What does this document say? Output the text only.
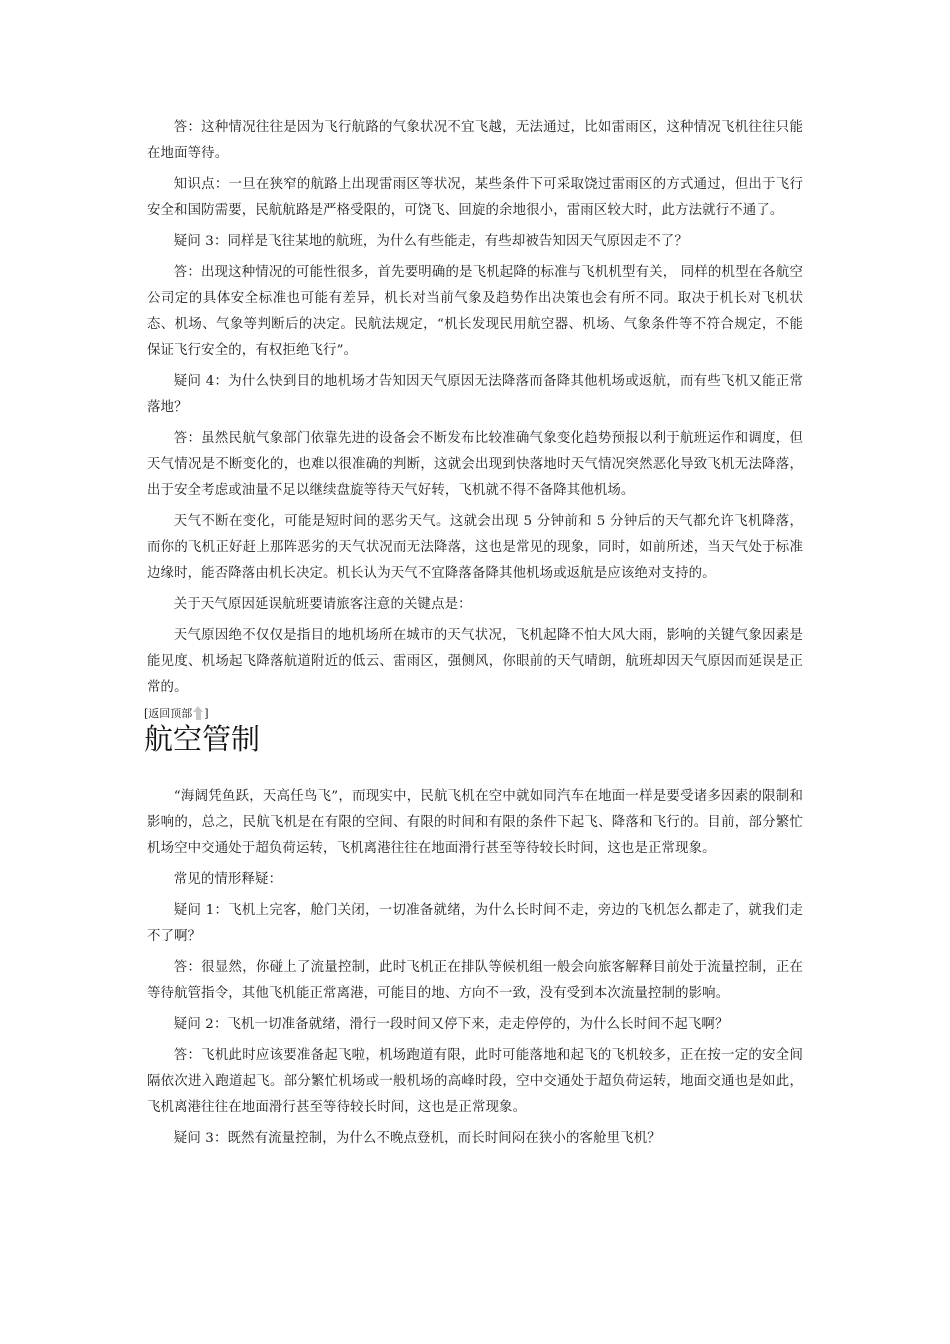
答：这种情况往往是因为飞行航路的气象状况不宜飞越，无法通过，比如雷雨区，这种情况飞机往往只能在地面等待。

知识点：一旦在狭窄的航路上出现雷雨区等状况，某些条件下可采取饶过雷雨区的方式通过，但出于飞行安全和国防需要，民航航路是严格受限的，可饶飞、回旋的余地很小，雷雨区较大时，此方法就行不通了。

疑问 3：同样是飞往某地的航班，为什么有些能走，有些却被告知因天气原因走不了？

答：出现这种情况的可能性很多，首先要明确的是飞机起降的标准与飞机机型有关， 同样的机型在各航空公司定的具体安全标准也可能有差异，机长对当前气象及趋势作出决策也会有所不同。取决于机长对飞机状态、机场、气象等判断后的决定。民航法规定，“机长发现民用航空器、机场、气象条件等不符合规定，不能保证飞行安全的，有权拒绝飞行”。

疑问 4：为什么快到目的地机场才告知因天气原因无法降落而备降其他机场或返航，而有些飞机又能正常落地？

答：虽然民航气象部门依靠先进的设备会不断发布比较准确气象变化趋势预报以利于航班运作和调度，但天气情况是不断变化的，也难以很准确的判断，这就会出现到快落地时天气情况突然恶化导致飞机无法降落，出于安全考虑或油量不足以继续盘旋等待天气好转，飞机就不得不备降其他机场。

天气不断在变化，可能是短时间的恶劣天气。这就会出现 5 分钟前和 5 分钟后的天气都允许飞机降落，而你的飞机正好赶上那阵恶劣的天气状况而无法降落，这也是常见的现象，同时，如前所述，当天气处于标准边缘时，能否降落由机长决定。机长认为天气不宜降落备降其他机场或返航是应该绝对支持的。

关于天气原因延误航班要请旅客注意的关键点是：

天气原因绝不仅仅是指目的地机场所在城市的天气状况，飞机起降不怕大风大雨，影响的关键气象因素是能见度、机场起飞降落航道附近的低云、雷雨区，强侧风，你眼前的天气晴朗，航班却因天气原因而延误是正常的。

[返回顶部 ]
航空管制

“海阔凭鱼跃，天高任鸟飞”，而现实中，民航飞机在空中就如同汽车在地面一样是要受诸多因素的限制和影响的，总之，民航飞机是在有限的空间、有限的时间和有限的条件下起飞、降落和飞行的。目前，部分繁忙机场空中交通处于超负荷运转，飞机离港往往在地面滑行甚至等待较长时间，这也是正常现象。

常见的情形释疑：

疑问 1：飞机上完客，舱门关闭，一切准备就绪，为什么长时间不走，旁边的飞机怎么都走了，就我们走不了啊？

答：很显然，你碰上了流量控制，此时飞机正在排队等候机组一般会向旅客解释目前处于流量控制，正在等待航管指令，其他飞机能正常离港，可能目的地、方向不一致，没有受到本次流量控制的影响。

疑问 2：飞机一切准备就绪，滑行一段时间又停下来，走走停停的，为什么长时间不起飞啊？

答：飞机此时应该要准备起飞啦，机场跑道有限，此时可能落地和起飞的飞机较多，正在按一定的安全间隔依次进入跑道起飞。部分繁忙机场或一般机场的高峰时段，空中交通处于超负荷运转，地面交通也是如此，飞机离港往往在地面滑行甚至等待较长时间，这也是正常现象。

疑问 3：既然有流量控制，为什么不晚点登机，而长时间闷在狭小的客舱里飞机？
